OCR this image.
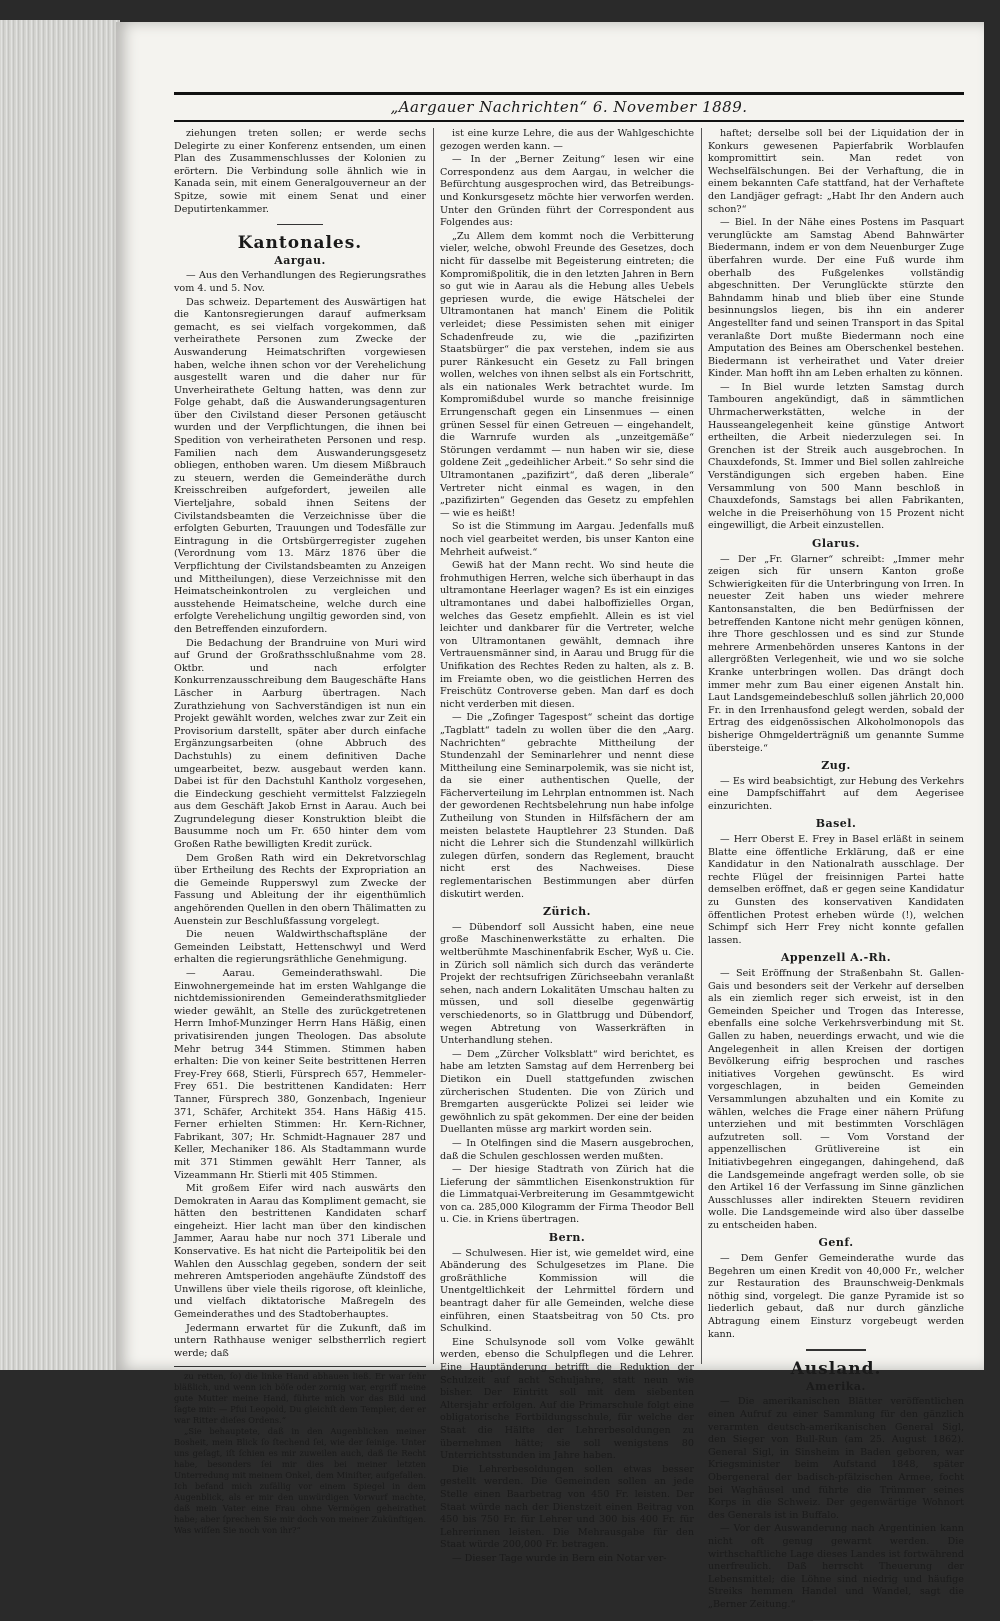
„Aargauer Nachrichten“ 6. November 1889.

ziehungen treten sollen; er werde sechs Delegirte zu einer Konferenz entsenden, um einen Plan des Zusammenschlusses der Kolonien zu erörtern. Die Verbindung solle ähnlich wie in Kanada sein, mit einem Generalgouverneur an der Spitze, sowie mit einem Senat und einer Deputirtenkammer.

Kantonales.
Aargau.

— Aus den Verhandlungen des Regierungsrathes vom 4. und 5. Nov.

Das schweiz. Departement des Auswärtigen hat die Kantonsregierungen darauf aufmerksam gemacht, es sei vielfach vorgekommen, daß verheirathete Personen zum Zwecke der Auswanderung Heimatschriften vorgewiesen haben, welche ihnen schon vor der Verehelichung ausgestellt waren und die daher nur für Unverheirathete Geltung hatten, was denn zur Folge gehabt, daß die Auswanderungsagenturen über den Civilstand dieser Personen getäuscht wurden und der Verpflichtungen, die ihnen bei Spedition von verheiratheten Personen und resp. Familien nach dem Auswanderungsgesetz obliegen, enthoben waren. Um diesem Mißbrauch zu steuern, werden die Gemeinderäthe durch Kreisschreiben aufgefordert, jeweilen alle Vierteljahre, sobald ihnen Seitens der Civilstandsbeamten die Verzeichnisse über die erfolgten Geburten, Trauungen und Todesfälle zur Eintragung in die Ortsbürgerregister zugehen (Verordnung vom 13. März 1876 über die Verpflichtung der Civilstandsbeamten zu Anzeigen und Mittheilungen), diese Verzeichnisse mit den Heimatscheinkontrolen zu vergleichen und ausstehende Heimatscheine, welche durch eine erfolgte Verehelichung ungiltig geworden sind, von den Betreffenden einzufordern.

Die Bedachung der Brandruine von Muri wird auf Grund der Großrathsschlußnahme vom 28. Oktbr. und nach erfolgter Konkurrenzausschreibung dem Baugeschäfte Hans Läscher in Aarburg übertragen. Nach Zurathziehung von Sachverständigen ist nun ein Projekt gewählt worden, welches zwar zur Zeit ein Provisorium darstellt, später aber durch einfache Ergänzungsarbeiten (ohne Abbruch des Dachstuhls) zu einem definitiven Dache umgearbeitet, bezw. ausgebaut werden kann. Dabei ist für den Dachstuhl Kantholz vorgesehen, die Eindeckung geschieht vermittelst Falzziegeln aus dem Geschäft Jakob Ernst in Aarau. Auch bei Zugrundelegung dieser Konstruktion bleibt die Bausumme noch um Fr. 650 hinter dem vom Großen Rathe bewilligten Kredit zurück.

Dem Großen Rath wird ein Dekretvorschlag über Ertheilung des Rechts der Expropriation an die Gemeinde Rupperswyl zum Zwecke der Fassung und Ableitung der ihr eigenthümlich angehörenden Quellen in den obern Thälimatten zu Auenstein zur Beschlußfassung vorgelegt.

Die neuen Waldwirthschaftspläne der Gemeinden Leibstatt, Hettenschwyl und Werd erhalten die regierungsräthliche Genehmigung.

— Aarau. Gemeinderathswahl. Die Einwohnergemeinde hat im ersten Wahlgange die nichtdemissionirenden Gemeinderathsmitglieder wieder gewählt, an Stelle des zurückgetretenen Herrn Imhof-Munzinger Herrn Hans Häßig, einen privatisirenden jungen Theologen. Das absolute Mehr betrug 344 Stimmen. Stimmen haben erhalten: Die von keiner Seite bestrittenen Herren Frey-Frey 668, Stierli, Fürsprech 657, Hemmeler-Frey 651. Die bestrittenen Kandidaten: Herr Tanner, Fürsprech 380, Gonzenbach, Ingenieur 371, Schäfer, Architekt 354. Hans Häßig 415. Ferner erhielten Stimmen: Hr. Kern-Richner, Fabrikant, 307; Hr. Schmidt-Hagnauer 287 und Keller, Mechaniker 186. Als Stadtammann wurde mit 371 Stimmen gewählt Herr Tanner, als Vizeammann Hr. Stierli mit 405 Stimmen.

Mit großem Eifer wird nach auswärts den Demokraten in Aarau das Kompliment gemacht, sie hätten den bestrittenen Kandidaten scharf eingeheizt. Hier lacht man über den kindischen Jammer, Aarau habe nur noch 371 Liberale und Konservative. Es hat nicht die Parteipolitik bei den Wahlen den Ausschlag gegeben, sondern der seit mehreren Amtsperioden angehäufte Zündstoff des Unwillens über viele theils rigorose, oft kleinliche, und vielfach diktatorische Maßregeln des Gemeinderathes und des Stadtoberhauptes.

Jedermann erwartet für die Zukunft, daß im untern Rathhause weniger selbstherrlich regiert werde; daß

zu retten, ſo) die linke Hand abhauen ließ. Er war ſehr bläßlich, und wenn ich böſe oder zornig war, ergriff meine gute Mutter meine Hand, führte mich vor das Bild und ſagte mir: — Pfui Leopold, Du gleichſt dem Templer, der er war Ritter dieſes Ordens.“

„Sie behauptete, daß in den Augenblicken meiner Bosheit, mein Blick ſo ſtechend ſei, wie der ſeinige. Unter uns geſagt, iſt ſchien es mir zuweilen auch, daß ſie Recht habe, besonders ſei mir dies bei meiner letzten Unterredung mit meinem Onkel, dem Miniſter, aufgefallen. Ich befand mich zufällig vor einem Spiegel in dem Augenblick, als er mir den unwürdigen Vorwurf machte, daß mein Vater eine Frau ohne Vermögen geheirathet habe; aber ſprechen Sie mir doch von meiner Zukünftigen. Was wiſſen Sie noch von ihr?“

ist eine kurze Lehre, die aus der Wahlgeschichte gezogen werden kann. —

— In der „Berner Zeitung“ lesen wir eine Correspondenz aus dem Aargau, in welcher die Befürchtung ausgesprochen wird, das Betreibungs- und Konkursgesetz möchte hier verworfen werden. Unter den Gründen führt der Correspondent aus Folgendes aus:

„Zu Allem dem kommt noch die Verbitterung vieler, welche, obwohl Freunde des Gesetzes, doch nicht für dasselbe mit Begeisterung eintreten; die Kompromißpolitik, die in den letzten Jahren in Bern so gut wie in Aarau als die Hebung alles Uebels gepriesen wurde, die ewige Hätschelei der Ultramontanen hat manch' Einem die Politik verleidet; diese Pessimisten sehen mit einiger Schadenfreude zu, wie die „pazifizirten Staatsbürger“ die pax verstehen, indem sie aus purer Ränkesucht ein Gesetz zu Fall bringen wollen, welches von ihnen selbst als ein Fortschritt, als ein nationales Werk betrachtet wurde. Im Kompromißdubel wurde so manche freisinnige Errungenschaft gegen ein Linsenmues — einen grünen Sessel für einen Getreuen — eingehandelt, die Warnrufe wurden als „unzeitgemäße“ Störungen verdammt — nun haben wir sie, diese goldene Zeit „gedeihlicher Arbeit.“ So sehr sind die Ultramontanen „pazifizirt“, daß deren „liberale“ Vertreter nicht einmal es wagen, in den „pazifizirten“ Gegenden das Gesetz zu empfehlen — wie es heißt!

So ist die Stimmung im Aargau. Jedenfalls muß noch viel gearbeitet werden, bis unser Kanton eine Mehrheit aufweist.“

Gewiß hat der Mann recht. Wo sind heute die frohmuthigen Herren, welche sich überhaupt in das ultramontane Heerlager wagen? Es ist ein einziges ultramontanes und dabei halboffizielles Organ, welches das Gesetz empfiehlt. Allein es ist viel leichter und dankbarer für die Vertreter, welche von Ultramontanen gewählt, demnach ihre Vertrauensmänner sind, in Aarau und Brugg für die Unifikation des Rechtes Reden zu halten, als z. B. im Freiamte oben, wo die geistlichen Herren des Freischütz Controverse geben. Man darf es doch nicht verderben mit diesen.

— Die „Zofinger Tagespost“ scheint das dortige „Tagblatt“ tadeln zu wollen über die den „Aarg. Nachrichten“ gebrachte Mittheilung der Stundenzahl der Seminarlehrer und nennt diese Mittheilung eine Seminarpolemik, was sie nicht ist, da sie einer authentischen Quelle, der Fächerverteilung im Lehrplan entnommen ist. Nach der gewordenen Rechtsbelehrung nun habe infolge Zutheilung von Stunden in Hilfsfächern der am meisten belastete Hauptlehrer 23 Stunden. Daß nicht die Lehrer sich die Stundenzahl willkürlich zulegen dürfen, sondern das Reglement, braucht nicht erst des Nachweises. Diese reglementarischen Bestimmungen aber dürfen diskutirt werden.

Zürich.

— Dübendorf soll Aussicht haben, eine neue große Maschinenwerkstätte zu erhalten. Die weltberühmte Maschinenfabrik Escher, Wyß u. Cie. in Zürich soll nämlich sich durch das veränderte Projekt der rechtsufrigen Zürichseebahn veranlaßt sehen, nach andern Lokalitäten Umschau halten zu müssen, und soll dieselbe gegenwärtig verschiedenorts, so in Glattbrugg und Dübendorf, wegen Abtretung von Wasserkräften in Unterhandlung stehen.

— Dem „Zürcher Volksblatt“ wird berichtet, es habe am letzten Samstag auf dem Herrenberg bei Dietikon ein Duell stattgefunden zwischen zürcherischen Studenten. Die von Zürich und Bremgarten ausgerückte Polizei sei leider wie gewöhnlich zu spät gekommen. Der eine der beiden Duellanten müsse arg markirt worden sein.

— In Otelfingen sind die Masern ausgebrochen, daß die Schulen geschlossen werden mußten.

— Der hiesige Stadtrath von Zürich hat die Lieferung der sämmtlichen Eisenkonstruktion für die Limmatquai-Verbreiterung im Gesammtgewicht von ca. 285,000 Kilogramm der Firma Theodor Bell u. Cie. in Kriens übertragen.

Bern.

— Schulwesen. Hier ist, wie gemeldet wird, eine Abänderung des Schulgesetzes im Plane. Die großräthliche Kommission will die Unentgeltlichkeit der Lehrmittel fördern und beantragt daher für alle Gemeinden, welche diese einführen, einen Staatsbeitrag von 50 Cts. pro Schulkind.

Eine Schulsynode soll vom Volke gewählt werden, ebenso die Schulpflegen und die Lehrer. Eine Hauptänderung betrifft die Reduktion der Schulzeit auf acht Schuljahre, statt neun wie bisher. Der Eintritt soll mit dem siebenten Altersjahr erfolgen. Auf die Primarschule folgt eine obligatorische Fortbildungsschule, für welche der Staat die Hälfte der Lehrerbesoldungen zu übernehmen hätte; sie soll wenigstens 80 Unterrichtsstunden im Jahre haben.

Die Lehrerbesoldungen sollen etwas besser gestellt werden. Die Gemeinden sollen an jede Stelle einen Baarbetrag von 450 Fr. leisten. Der Staat würde nach der Dienstzeit einen Beitrag von 450 bis 750 Fr. für Lehrer und 300 bis 400 Fr. für Lehrerinnen leisten. Die Mehrausgabe für den Staat würde 200,000 Fr. betragen.

— Dieser Tage wurde in Bern ein Notar ver-

haftet; derselbe soll bei der Liquidation der in Konkurs gewesenen Papierfabrik Worblaufen kompromittirt sein. Man redet von Wechselfälschungen. Bei der Verhaftung, die in einem bekannten Cafe stattfand, hat der Verhaftete den Landjäger gefragt: „Habt Ihr den Andern auch schon?“

— Biel. In der Nähe eines Postens im Pasquart verunglückte am Samstag Abend Bahnwärter Biedermann, indem er von dem Neuenburger Zuge überfahren wurde. Der eine Fuß wurde ihm oberhalb des Fußgelenkes vollständig abgeschnitten. Der Verunglückte stürzte den Bahndamm hinab und blieb über eine Stunde besinnungslos liegen, bis ihn ein anderer Angestellter fand und seinen Transport in das Spital veranlaßte Dort mußte Biedermann noch eine Amputation des Beines am Oberschenkel bestehen. Biedermann ist verheirathet und Vater dreier Kinder. Man hofft ihn am Leben erhalten zu können.

— In Biel wurde letzten Samstag durch Tambouren angekündigt, daß in sämmtlichen Uhrmacherwerkstätten, welche in der Hausseangelegenheit keine günstige Antwort ertheilten, die Arbeit niederzulegen sei. In Grenchen ist der Streik auch ausgebrochen. In Chauxdefonds, St. Immer und Biel sollen zahlreiche Verständigungen sich ergeben haben. Eine Versammlung von 500 Mann beschloß in Chauxdefonds, Samstags bei allen Fabrikanten, welche in die Preiserhöhung von 15 Prozent nicht eingewilligt, die Arbeit einzustellen.

Glarus.

— Der „Fr. Glarner“ schreibt: „Immer mehr zeigen sich für unsern Kanton große Schwierigkeiten für die Unterbringung von Irren. In neuester Zeit haben uns wieder mehrere Kantonsanstalten, die ben Bedürfnissen der betreffenden Kantone nicht mehr genügen können, ihre Thore geschlossen und es sind zur Stunde mehrere Armenbehörden unseres Kantons in der allergrößten Verlegenheit, wie und wo sie solche Kranke unterbringen wollen. Das drängt doch immer mehr zum Bau einer eigenen Anstalt hin. Laut Landsgemeindebeschluß sollen jährlich 20,000 Fr. in den Irrenhausfond gelegt werden, sobald der Ertrag des eidgenössischen Alkoholmonopols das bisherige Ohmgelderträgniß um genannte Summe übersteige.“

Zug.

— Es wird beabsichtigt, zur Hebung des Verkehrs eine Dampfschiffahrt auf dem Aegerisee einzurichten.

Basel.

— Herr Oberst E. Frey in Basel erläßt in seinem Blatte eine öffentliche Erklärung, daß er eine Kandidatur in den Nationalrath ausschlage. Der rechte Flügel der freisinnigen Partei hatte demselben eröffnet, daß er gegen seine Kandidatur zu Gunsten des konservativen Kandidaten öffentlichen Protest erheben würde (!), welchen Schimpf sich Herr Frey nicht konnte gefallen lassen.

Appenzell A.-Rh.

— Seit Eröffnung der Straßenbahn St. Gallen-Gais und besonders seit der Verkehr auf derselben als ein ziemlich reger sich erweist, ist in den Gemeinden Speicher und Trogen das Interesse, ebenfalls eine solche Verkehrsverbindung mit St. Gallen zu haben, neuerdings erwacht, und wie die Angelegenheit in allen Kreisen der dortigen Bevölkerung eifrig besprochen und rasches initiatives Vorgehen gewünscht. Es wird vorgeschlagen, in beiden Gemeinden Versammlungen abzuhalten und ein Komite zu wählen, welches die Frage einer nähern Prüfung unterziehen und mit bestimmten Vorschlägen aufzutreten soll. — Vom Vorstand der appenzellischen Grütlivereine ist ein Initiativbegehren eingegangen, dahingehend, daß die Landsgemeinde angefragt werden solle, ob sie den Artikel 16 der Verfassung im Sinne gänzlichen Ausschlusses aller indirekten Steuern revidiren wolle. Die Landsgemeinde wird also über dasselbe zu entscheiden haben.

Genf.

— Dem Genfer Gemeinderathe wurde das Begehren um einen Kredit von 40,000 Fr., welcher zur Restauration des Braunschweig-Denkmals nöthig sind, vorgelegt. Die ganze Pyramide ist so liederlich gebaut, daß nur durch gänzliche Abtragung einem Einsturz vorgebeugt werden kann.

Ausland.
Amerika.

— Die amerikanischen Blätter veröffentlichen einen Aufruf zu einer Sammlung für den gänzlich verarmten deutsch-amerikanischen General Sigl, den Sieger von Bull-Run (am 25. August 1862). General Sigl, in Sinsheim in Baden geboren, war Kriegsminister beim Aufstand 1848, später Obergeneral der badisch-pfälzischen Armee, focht bei Waghäusel und führte die Trümmer seines Korps in die Schweiz. Der gegenwärtige Wohnort des Generals ist in Buffalo.

— Vor der Auswanderung nach Argentinien kann nicht oft genug gewarnt werden. Die wirthschaftliche Lage dieses Landes ist fortwährend unerfreulich. Daß herrscht Theuerung der Lebensmittel; die Löhne sind niedrig und häufige Streiks hemmen Handel und Wandel, sagt die „Berner Zeitung.“
